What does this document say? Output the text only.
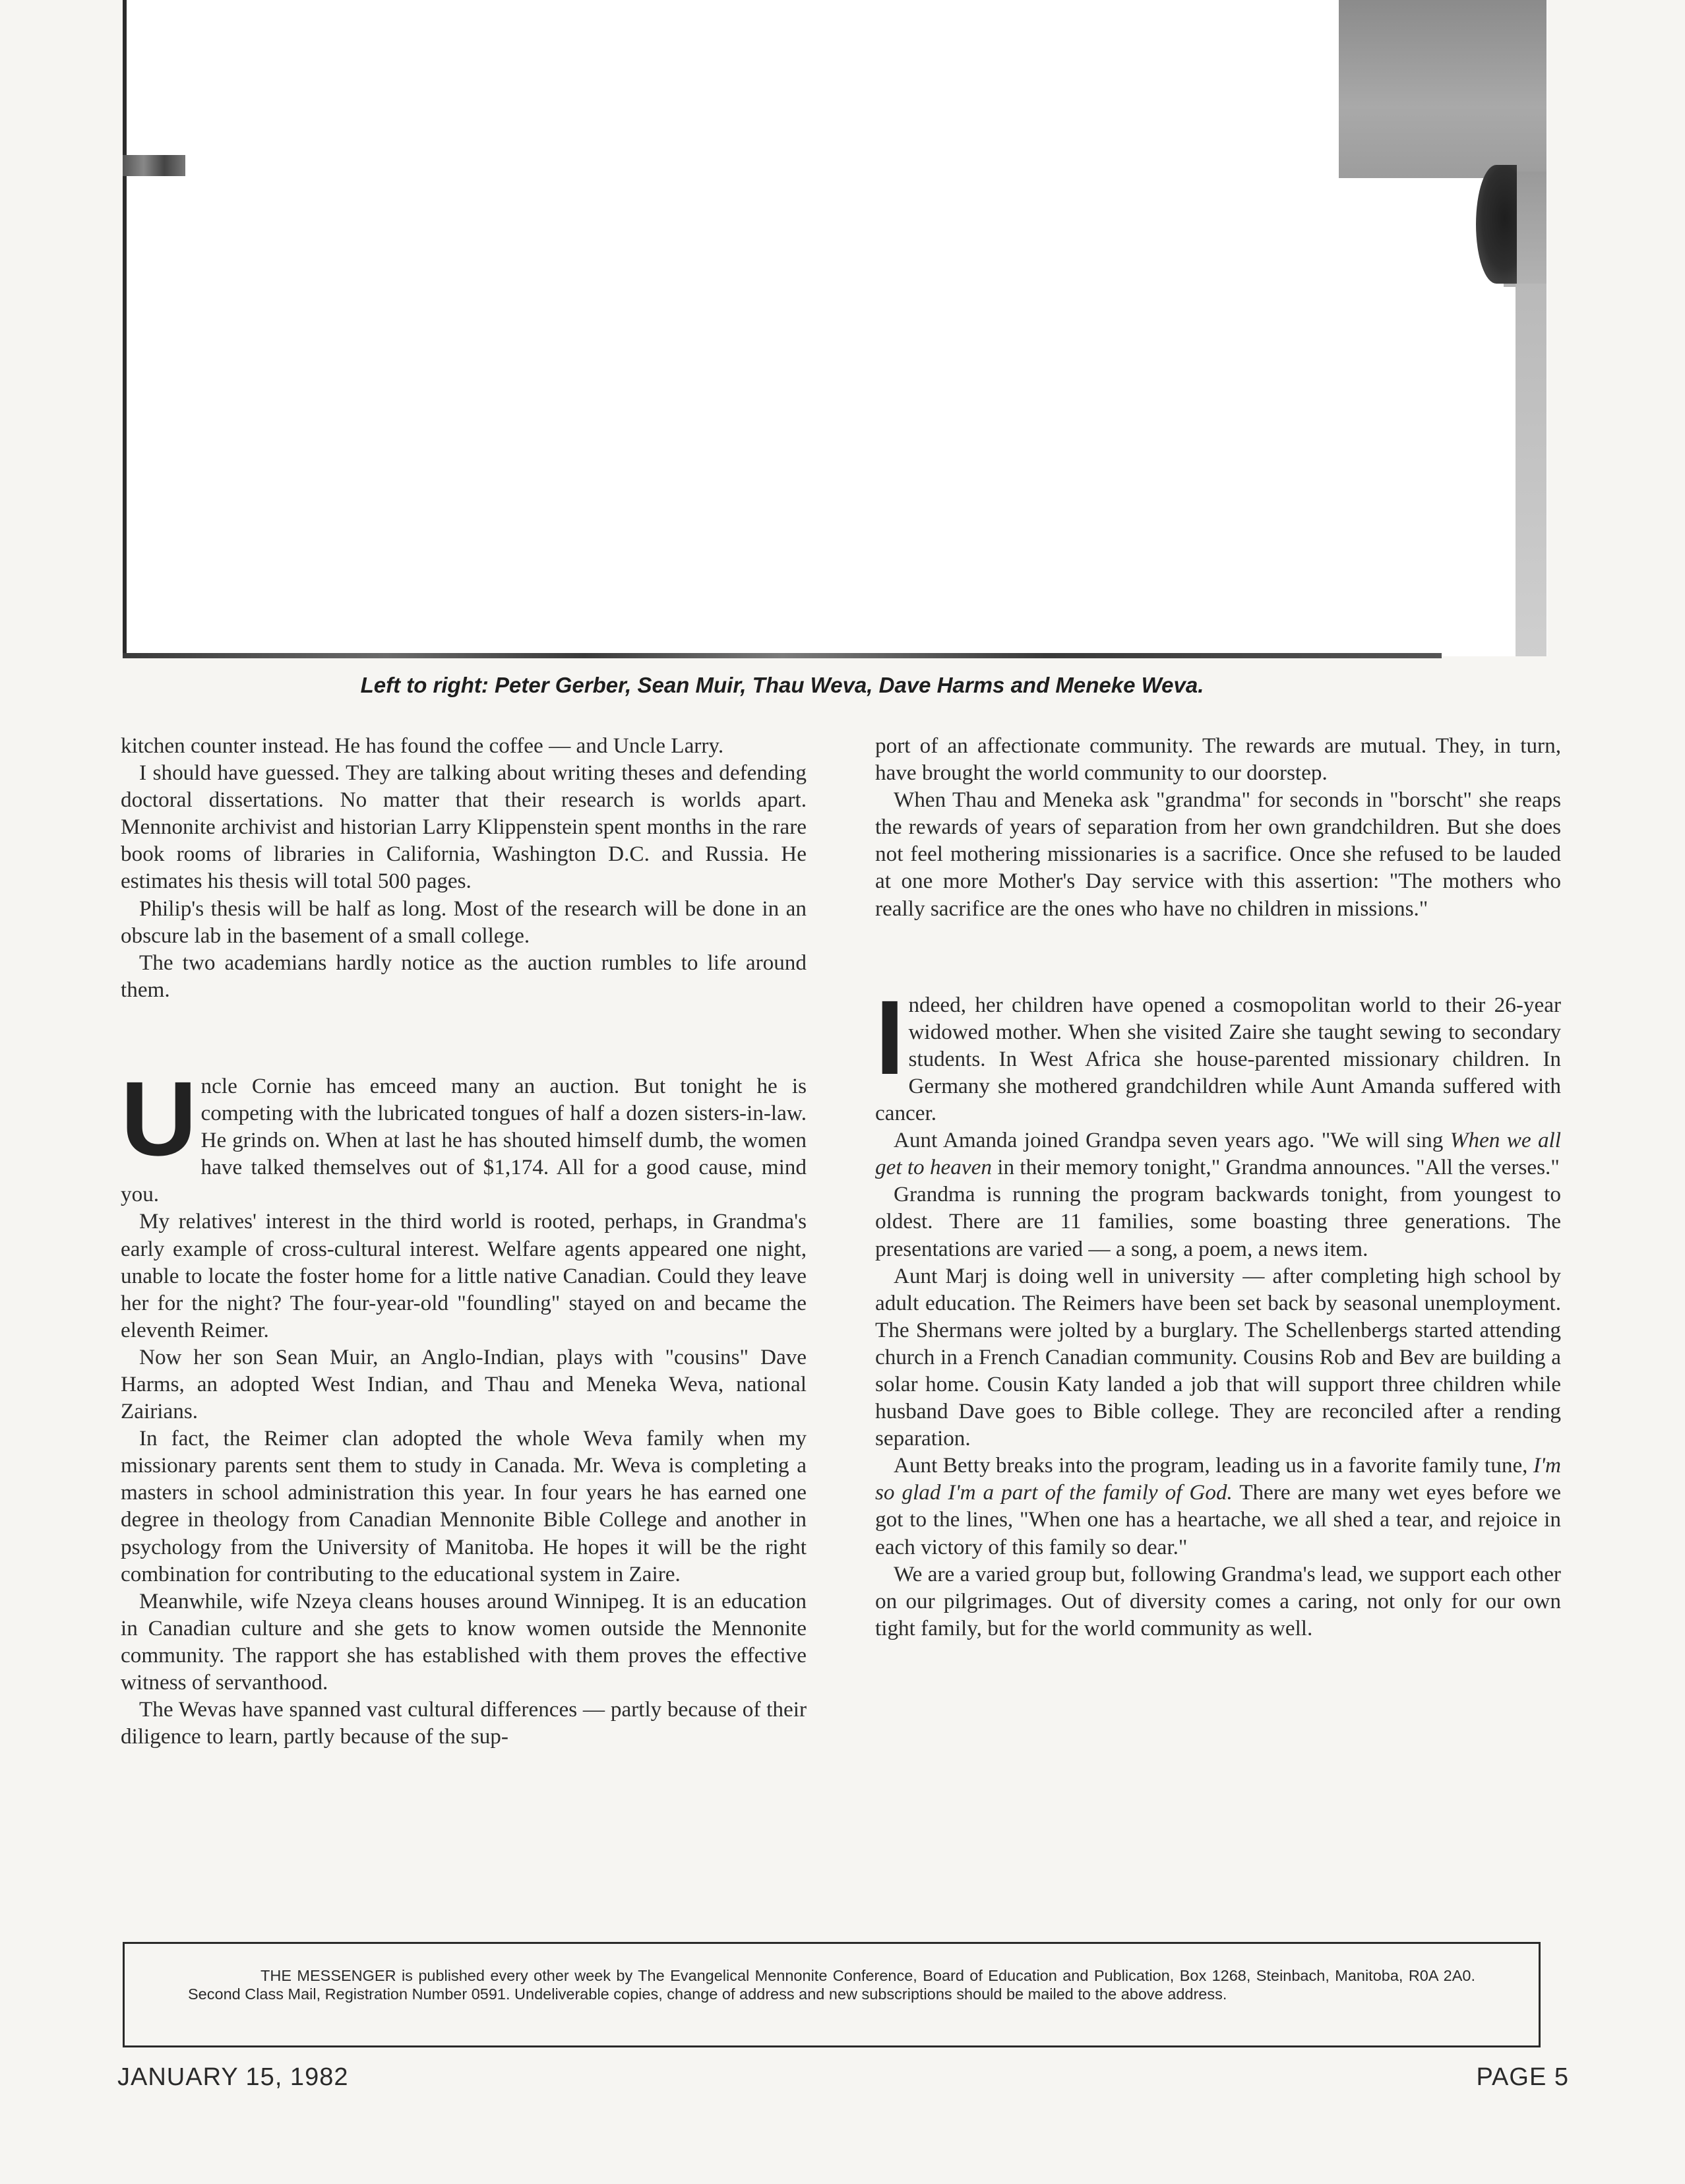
Left to right: Peter Gerber, Sean Muir, Thau Weva, Dave Harms and Meneke Weva.

kitchen counter instead. He has found the coffee — and Uncle Larry.

I should have guessed. They are talking about writing theses and defending doctoral dissertations. No matter that their research is worlds apart. Mennonite archivist and historian Larry Klippenstein spent months in the rare book rooms of libraries in California, Washington D.C. and Russia. He estimates his thesis will total 500 pages.

Philip's thesis will be half as long. Most of the research will be done in an obscure lab in the basement of a small college.

The two academians hardly notice as the auction rumbles to life around them.

Uncle Cornie has emceed many an auction. But tonight he is competing with the lubricated tongues of half a dozen sisters-in-law. He grinds on. When at last he has shouted himself dumb, the women have talked themselves out of $1,174. All for a good cause, mind you.

My relatives' interest in the third world is rooted, perhaps, in Grandma's early example of cross-cultural interest. Welfare agents appeared one night, unable to locate the foster home for a little native Canadian. Could they leave her for the night? The four-year-old "foundling" stayed on and became the eleventh Reimer.

Now her son Sean Muir, an Anglo-Indian, plays with "cousins" Dave Harms, an adopted West Indian, and Thau and Meneka Weva, national Zairians.

In fact, the Reimer clan adopted the whole Weva family when my missionary parents sent them to study in Canada. Mr. Weva is completing a masters in school administration this year. In four years he has earned one degree in theology from Canadian Mennonite Bible College and another in psychology from the University of Manitoba. He hopes it will be the right combination for contributing to the educational system in Zaire.

Meanwhile, wife Nzeya cleans houses around Winnipeg. It is an education in Canadian culture and she gets to know women outside the Mennonite community. The rapport she has established with them proves the effective witness of servanthood.

The Wevas have spanned vast cultural differences — partly because of their diligence to learn, partly because of the sup-

port of an affectionate community. The rewards are mutual. They, in turn, have brought the world community to our doorstep.

When Thau and Meneka ask "grandma" for seconds in "borscht" she reaps the rewards of years of separation from her own grandchildren. But she does not feel mothering missionaries is a sacrifice. Once she refused to be lauded at one more Mother's Day service with this assertion: "The mothers who really sacrifice are the ones who have no children in missions."

Indeed, her children have opened a cosmopolitan world to their 26-year widowed mother. When she visited Zaire she taught sewing to secondary students. In West Africa she house-parented missionary children. In Germany she mothered grandchildren while Aunt Amanda suffered with cancer.

Aunt Amanda joined Grandpa seven years ago. "We will sing When we all get to heaven in their memory tonight," Grandma announces. "All the verses."

Grandma is running the program backwards tonight, from youngest to oldest. There are 11 families, some boasting three generations. The presentations are varied — a song, a poem, a news item.

Aunt Marj is doing well in university — after completing high school by adult education. The Reimers have been set back by seasonal unemployment. The Shermans were jolted by a burglary. The Schellenbergs started attending church in a French Canadian community. Cousins Rob and Bev are building a solar home. Cousin Katy landed a job that will support three children while husband Dave goes to Bible college. They are reconciled after a rending separation.

Aunt Betty breaks into the program, leading us in a favorite family tune, I'm so glad I'm a part of the family of God. There are many wet eyes before we got to the lines, "When one has a heartache, we all shed a tear, and rejoice in each victory of this family so dear."

We are a varied group but, following Grandma's lead, we support each other on our pilgrimages. Out of diversity comes a caring, not only for our own tight family, but for the world community as well.

THE MESSENGER is published every other week by The Evangelical Mennonite Conference, Board of Education and Publication, Box 1268, Steinbach, Manitoba, R0A 2A0. Second Class Mail, Registration Number 0591. Undeliverable copies, change of address and new subscriptions should be mailed to the above address.

JANUARY 15, 1982	PAGE 5
